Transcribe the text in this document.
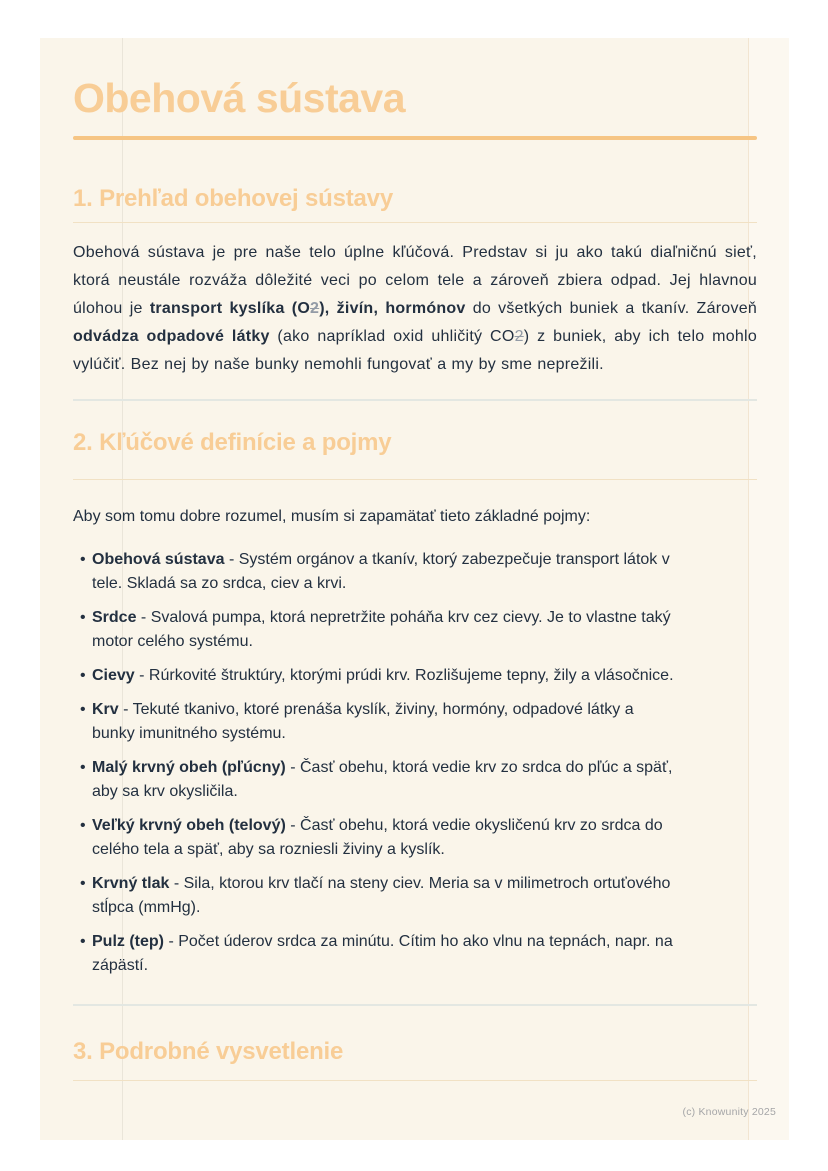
Obehová sústava
1. Prehľad obehovej sústavy

Obehová sústava je pre naše telo úplne kľúčová. Predstav si ju ako takú diaľničnú sieť, ktorá neustále rozváža dôležité veci po celom tele a zároveň zbiera odpad. Jej hlavnou úlohou je transport kyslíka (O2), živín, hormónov do všetkých buniek a tkanív. Zároveň odvádza odpadové látky (ako napríklad oxid uhličitý CO2) z buniek, aby ich telo mohlo vylúčiť. Bez nej by naše bunky nemohli fungovať a my by sme neprežili.

2. Kľúčové definície a pojmy

Aby som tomu dobre rozumel, musím si zapamätať tieto základné pojmy:

• Obehová sústava - Systém orgánov a tkanív, ktorý zabezpečuje transport látok v tele. Skladá sa zo srdca, ciev a krvi.
• Srdce - Svalová pumpa, ktorá nepretržite poháňa krv cez cievy. Je to vlastne taký motor celého systému.
• Cievy - Rúrkovité štruktúry, ktorými prúdi krv. Rozlišujeme tepny, žily a vlásočnice.
• Krv - Tekuté tkanivo, ktoré prenáša kyslík, živiny, hormóny, odpadové látky a bunky imunitného systému.
• Malý krvný obeh (pľúcny) - Časť obehu, ktorá vedie krv zo srdca do pľúc a späť, aby sa krv okysličila.
• Veľký krvný obeh (telový) - Časť obehu, ktorá vedie okysličenú krv zo srdca do celého tela a späť, aby sa rozniesli živiny a kyslík.
• Krvný tlak - Sila, ktorou krv tlačí na steny ciev. Meria sa v milimetroch ortuťového stĺpca (mmHg).
• Pulz (tep) - Počet úderov srdca za minútu. Cítim ho ako vlnu na tepnách, napr. na zápästí.
3. Podrobné vysvetlenie
(c) Knowunity 2025
